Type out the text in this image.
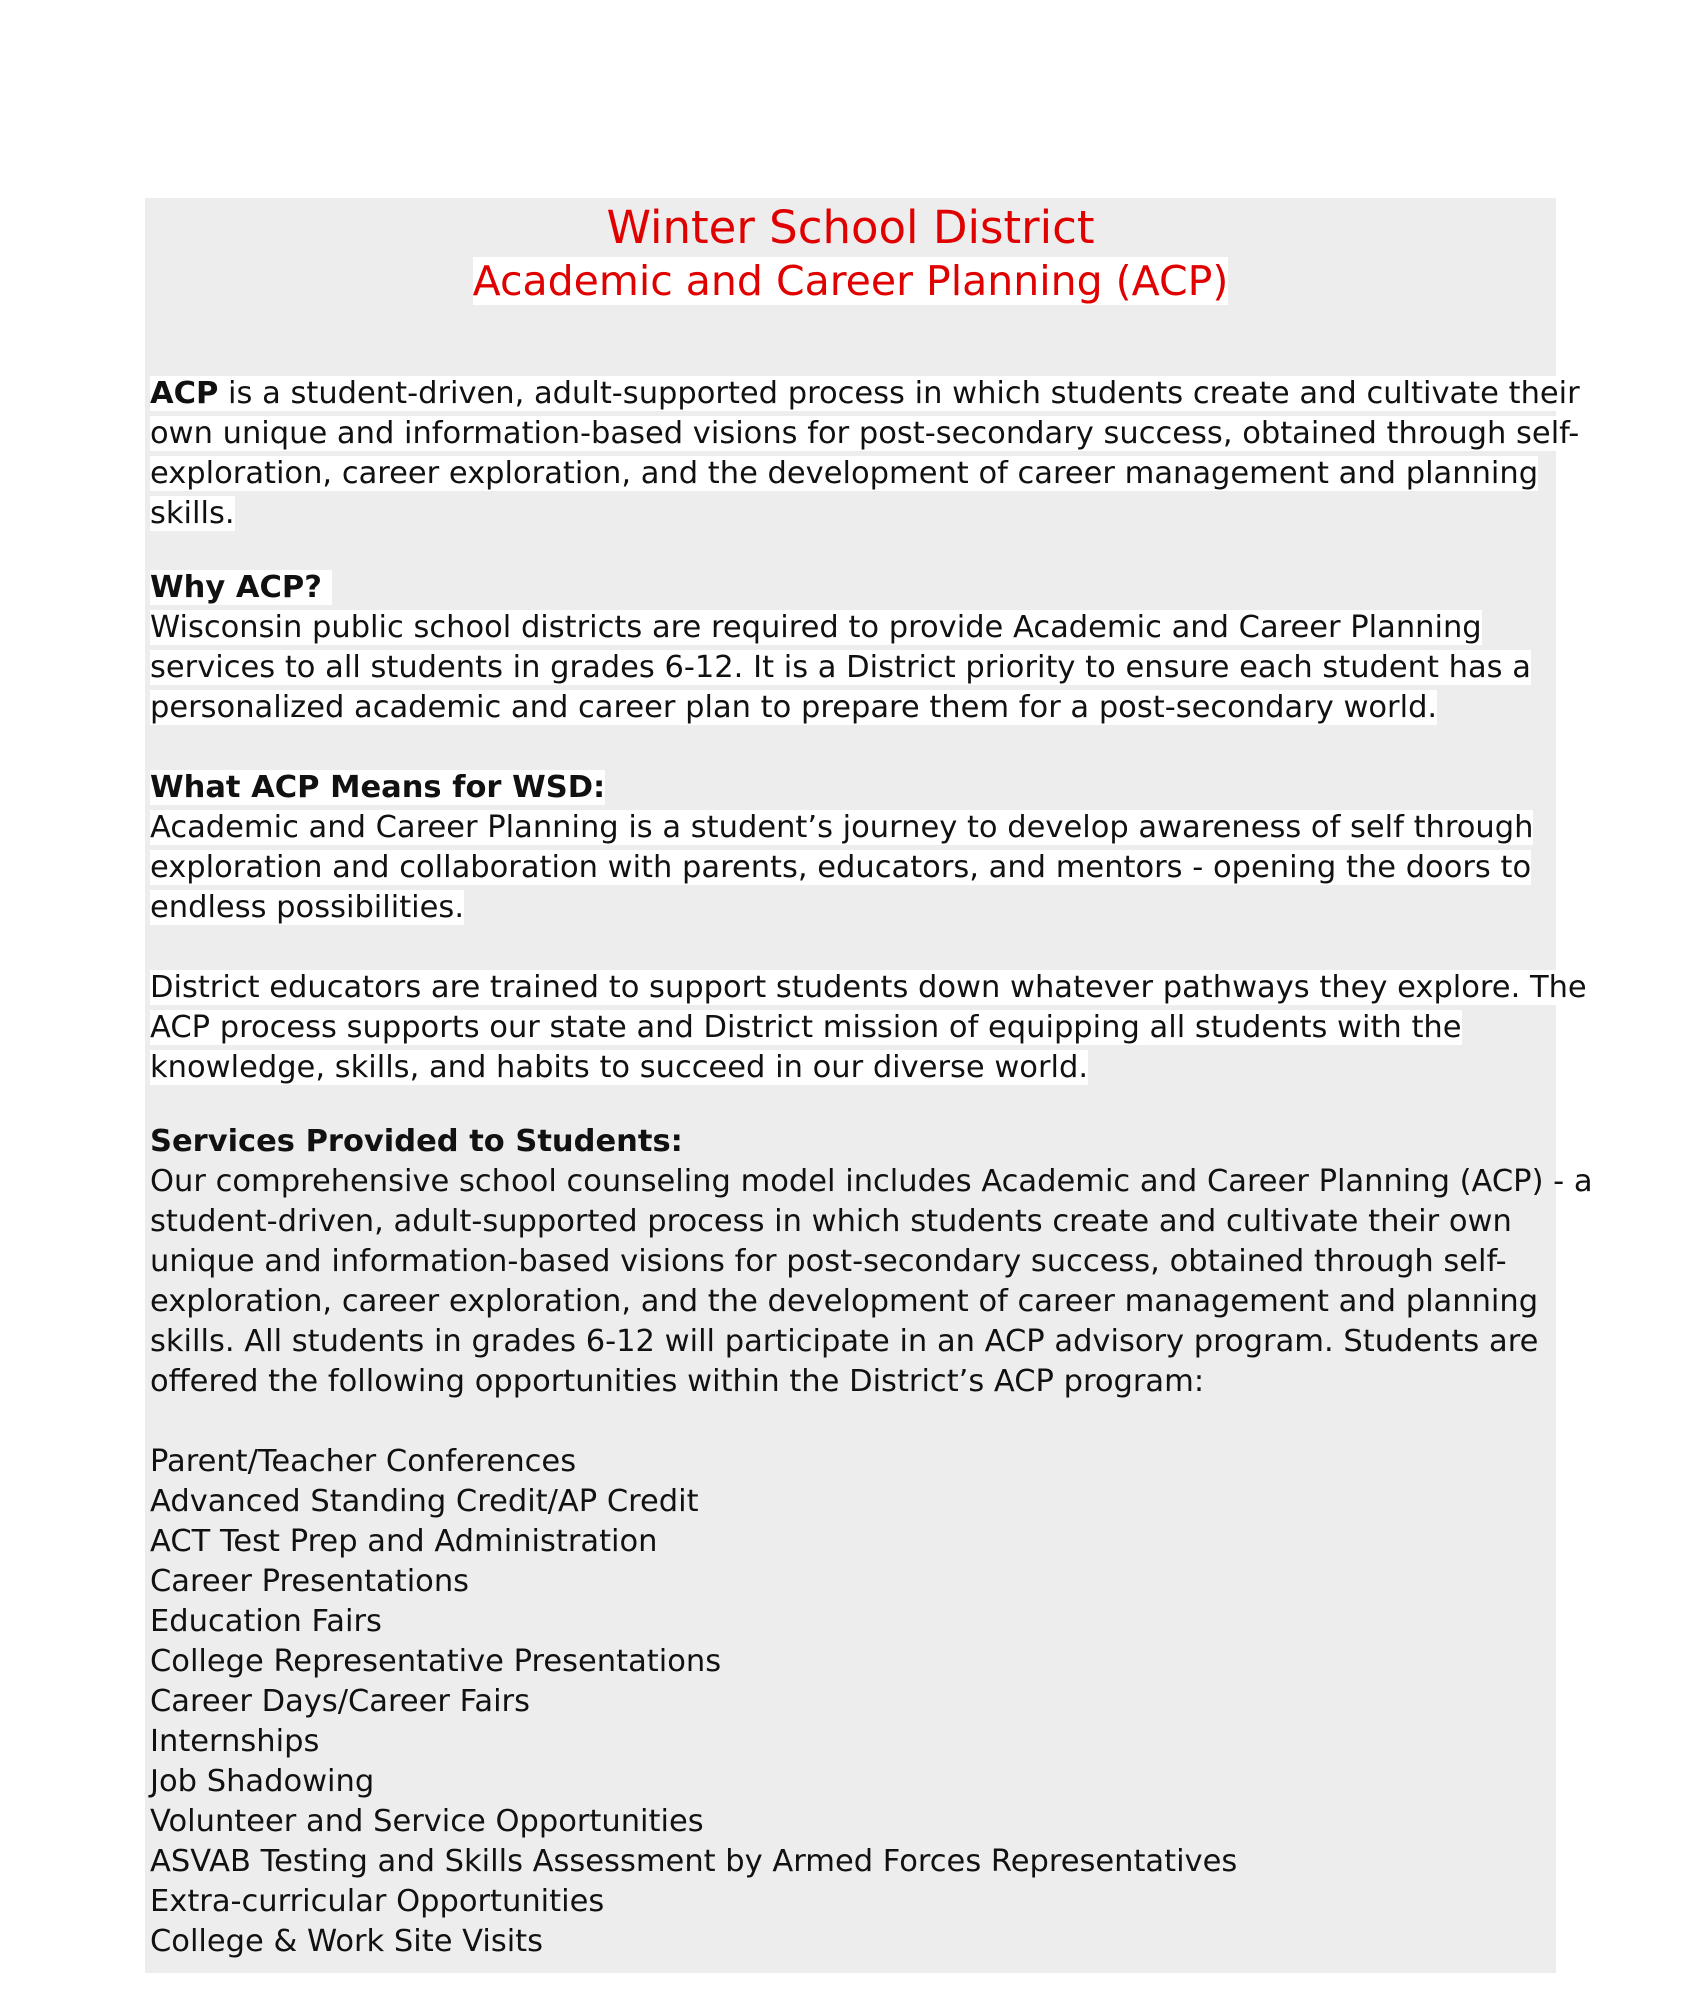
Winter School District
Academic and Career Planning (ACP)
ACP is a student-driven, adult-supported process in which students create and cultivate their
own unique and information-based visions for post-secondary success, obtained through self-
exploration, career exploration, and the development of career management and planning
skills.
Why ACP?
Wisconsin public school districts are required to provide Academic and Career Planning
services to all students in grades 6-12. It is a District priority to ensure each student has a
personalized academic and career plan to prepare them for a post-secondary world.
What ACP Means for WSD:
Academic and Career Planning is a student’s journey to develop awareness of self through
exploration and collaboration with parents, educators, and mentors - opening the doors to
endless possibilities.
District educators are trained to support students down whatever pathways they explore. The
ACP process supports our state and District mission of equipping all students with the
knowledge, skills, and habits to succeed in our diverse world.
Services Provided to Students:
Our comprehensive school counseling model includes Academic and Career Planning (ACP) - a
student-driven, adult-supported process in which students create and cultivate their own
unique and information-based visions for post-secondary success, obtained through self-
exploration, career exploration, and the development of career management and planning
skills. All students in grades 6-12 will participate in an ACP advisory program. Students are
offered the following opportunities within the District’s ACP program:
Parent/Teacher Conferences
Advanced Standing Credit/AP Credit
ACT Test Prep and Administration
Career Presentations
Education Fairs
College Representative Presentations
Career Days/Career Fairs
Internships
Job Shadowing
Volunteer and Service Opportunities
ASVAB Testing and Skills Assessment by Armed Forces Representatives
Extra-curricular Opportunities
College & Work Site Visits
